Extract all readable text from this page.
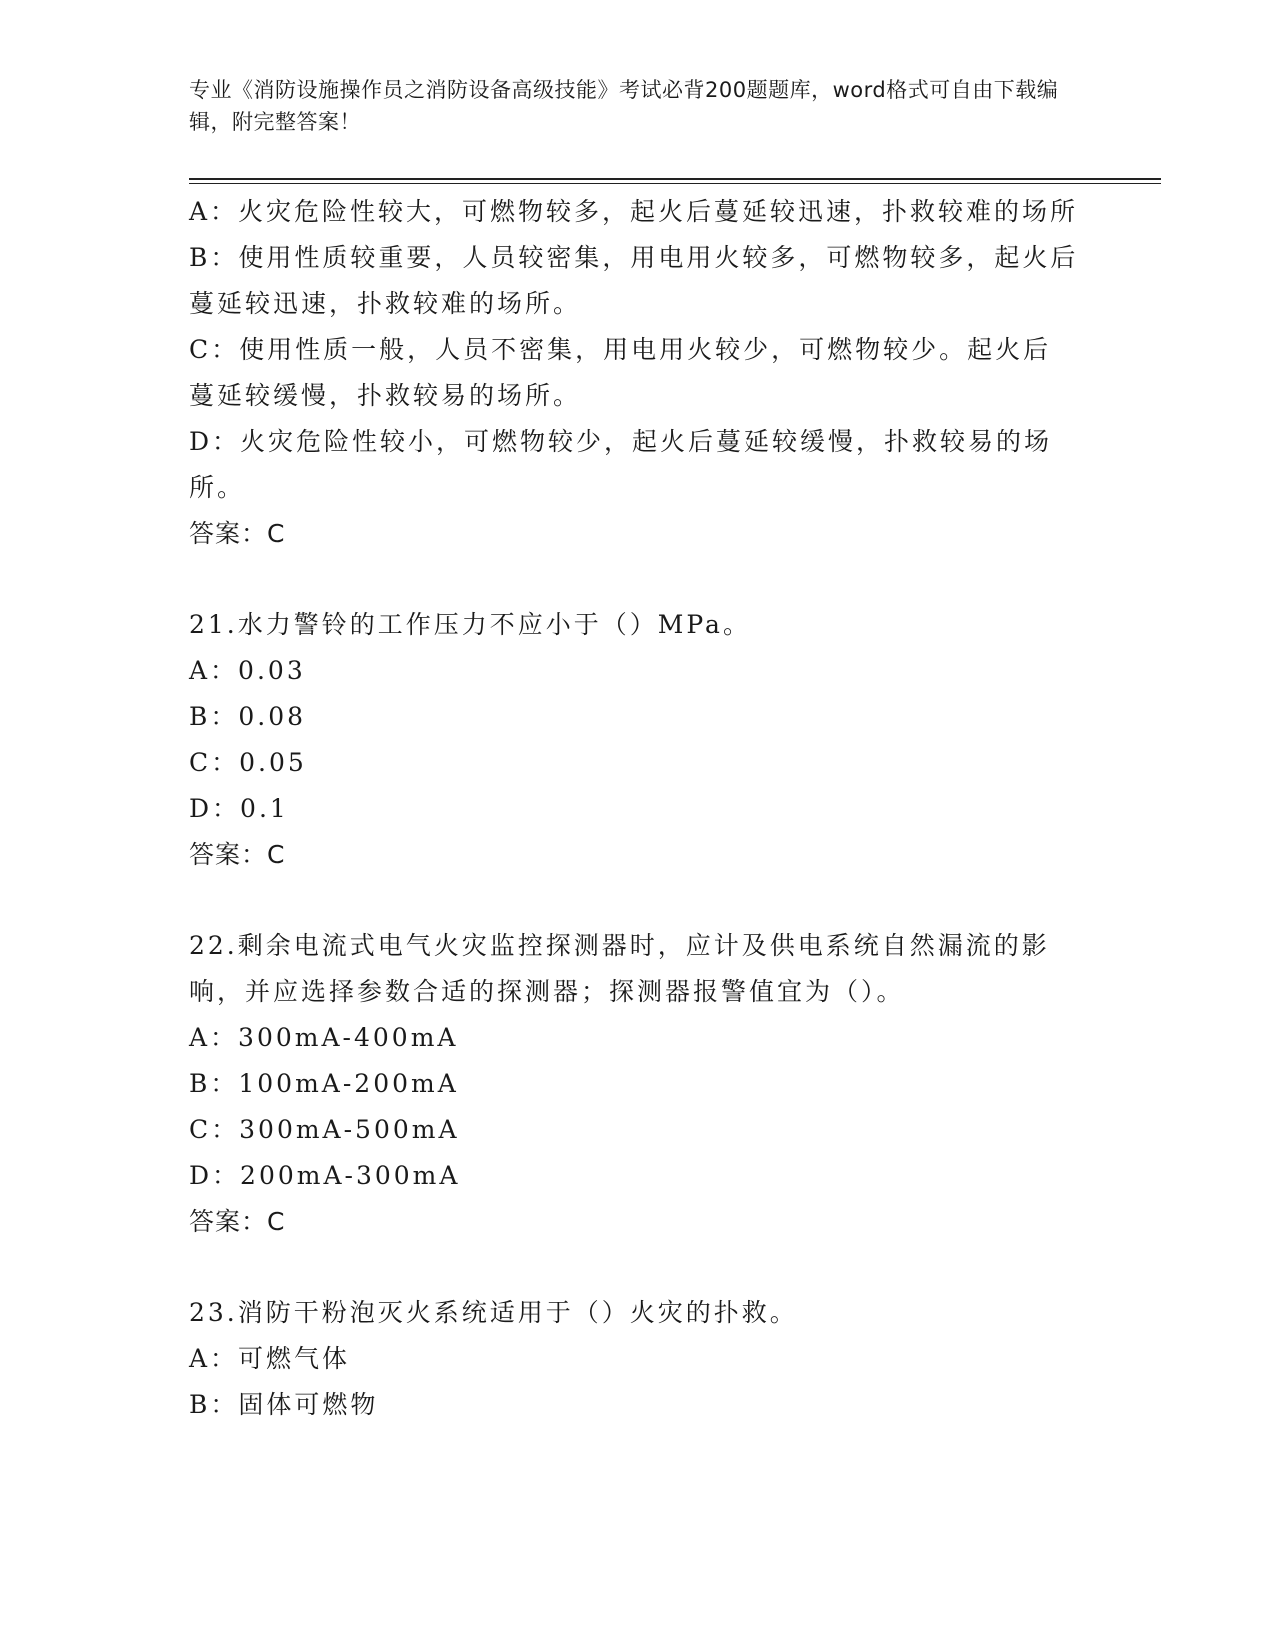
专业《消防设施操作员之消防设备高级技能》考试必背200题题库，word格式可自由下载编辑，附完整答案！
A：火灾危险性较大，可燃物较多，起火后蔓延较迅速，扑救较难的场所
B：使用性质较重要，人员较密集，用电用火较多，可燃物较多，起火后蔓延较迅速，扑救较难的场所。
C：使用性质一般，人员不密集，用电用火较少，可燃物较少。起火后蔓延较缓慢，扑救较易的场所。
D：火灾危险性较小，可燃物较少，起火后蔓延较缓慢，扑救较易的场所。
答案：C
21.水力警铃的工作压力不应小于（）MPa。
A：0.03
B：0.08
C：0.05
D：0.1
答案：C
22.剩余电流式电气火灾监控探测器时，应计及供电系统自然漏流的影响，并应选择参数合适的探测器；探测器报警值宜为（）。
A：300mA-400mA
B：100mA-200mA
C：300mA-500mA
D：200mA-300mA
答案：C
23.消防干粉泡灭火系统适用于（）火灾的扑救。
A：可燃气体
B：固体可燃物
